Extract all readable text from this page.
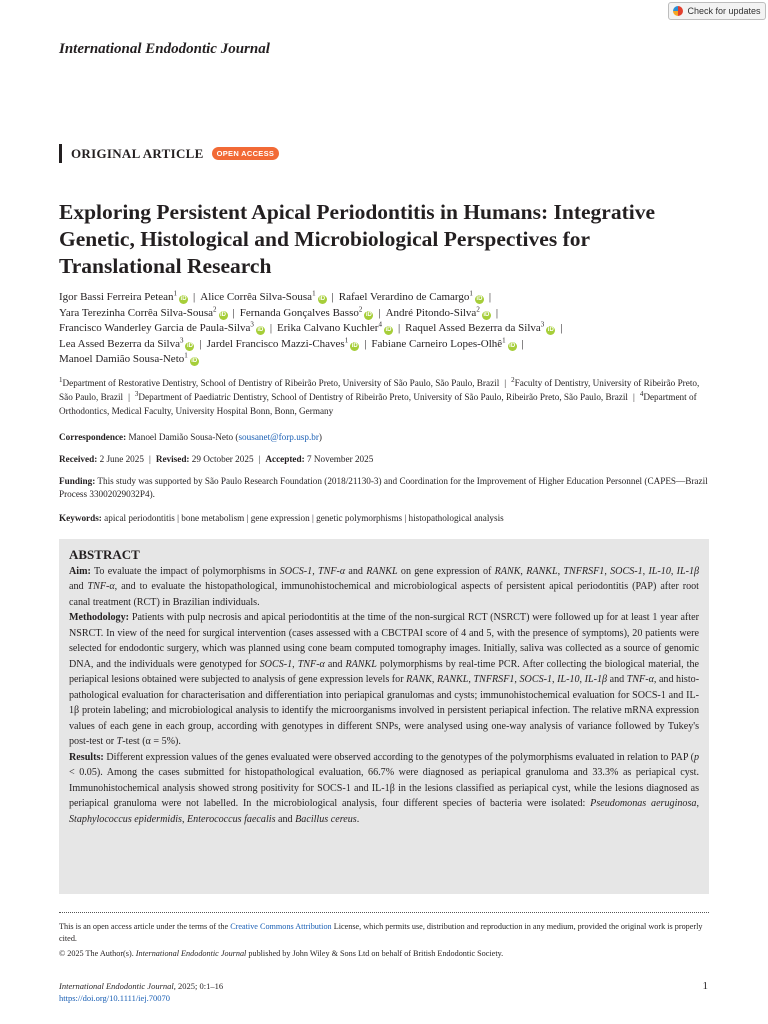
Check for updates
International Endodontic Journal
ORIGINAL ARTICLE	OPEN ACCESS
Exploring Persistent Apical Periodontitis in Humans: Integrative Genetic, Histological and Microbiological Perspectives for Translational Research
Igor Bassi Ferreira Petean$^1$iD | Alice Corrêa Silva-Sousa$^1$iD | Rafael Verardino de Camargo$^1$iD |
Yara Terezinha Corrêa Silva-Sousa$^2$iD | Fernanda Gonçalves Basso$^2$iD | André Pitondo-Silva$^2$iD |
Francisco Wanderley Garcia de Paula-Silva$^3$iD | Erika Calvano Kuchler$^4$iD | Raquel Assed Bezerra da Silva$^3$iD |
Lea Assed Bezerra da Silva$^3$iD | Jardel Francisco Mazzi-Chaves$^1$iD | Fabiane Carneiro Lopes-Olhê$^1$iD |
Manoel Damião Sousa-Neto$^1$iD
$^1$Department of Restorative Dentistry, School of Dentistry of Ribeirão Preto, University of São Paulo, São Paulo, Brazil | $^2$Faculty of Dentistry, University of Ribeirão Preto, São Paulo, Brazil | $^3$Department of Paediatric Dentistry, School of Dentistry of Ribeirão Preto, University of São Paulo, Ribeirão Preto, São Paulo, Brazil | $^4$Department of Orthodontics, Medical Faculty, University Hospital Bonn, Bonn, Germany
Correspondence: Manoel Damião Sousa-Neto (sousanet@forp.usp.br)
Received: 2 June 2025 | Revised: 29 October 2025 | Accepted: 7 November 2025
Funding: This study was supported by São Paulo Research Foundation (2018/21130-3) and Coordination for the Improvement of Higher Education Personnel (CAPES—Brazil Process 33002029032P4).
Keywords: apical periodontitis | bone metabolism | gene expression | genetic polymorphisms | histopathological analysis
ABSTRACT

Aim: To evaluate the impact of polymorphisms in SOCS-1, TNF-α and RANKL on gene expression of RANK, RANKL, TNFRSF1, SOCS-1, IL-10, IL-1β and TNF-α, and to evaluate the histopathological, immunohistochemical and microbiological aspects of persistent apical periodontitis (PAP) after root canal treatment (RCT) in Brazilian individuals.

Methodology: Patients with pulp necrosis and apical periodontitis at the time of the non-surgical RCT (NSRCT) were followed up for at least 1 year after NSRCT. In view of the need for surgical intervention (cases assessed with a CBCTPAI score of 4 and 5, with the presence of symptoms), 20 patients were selected for endodontic surgery, which was planned using cone beam computed tomography images. Initially, saliva was collected as a source of genomic DNA, and the individuals were genotyped for SOCS-1, TNF-α and RANKL polymorphisms by real-time PCR. After collecting the biological material, the periapical lesions obtained were subjected to analysis of gene expression levels for RANK, RANKL, TNFRSF1, SOCS-1, IL-10, IL-1β and TNF-α, and histopathological evaluation for characterisation and differentiation into periapical granulomas and cysts; immunohistochemical evaluation for SOCS-1 and IL-1β protein labeling; and microbiological analysis to identify the microorganisms involved in persistent periapical infection. The relative mRNA expression values of each gene in each group, according with genotypes in different SNPs, were analysed using one-way analysis of variance followed by Tukey's post-test or T-test (α = 5%).

Results: Different expression values of the genes evaluated were observed according to the genotypes of the polymorphisms evaluated in relation to PAP (p < 0.05). Among the cases submitted for histopathological evaluation, 66.7% were diagnosed as periapical granuloma and 33.3% as periapical cyst. Immunohistochemical analysis showed strong positivity for SOCS-1 and IL-1β in the lesions classified as periapical cyst, while the lesions diagnosed as periapical granuloma were not labelled. In the microbiological analysis, four different species of bacteria were isolated: Pseudomonas aeruginosa, Staphylococcus epidermidis, Enterococcus faecalis and Bacillus cereus.

This is an open access article under the terms of the Creative Commons Attribution License, which permits use, distribution and reproduction in any medium, provided the original work is properly cited.
© 2025 The Author(s). International Endodontic Journal published by John Wiley & Sons Ltd on behalf of British Endodontic Society.
International Endodontic Journal, 2025; 0:1–16
https://doi.org/10.1111/iej.70070
1
